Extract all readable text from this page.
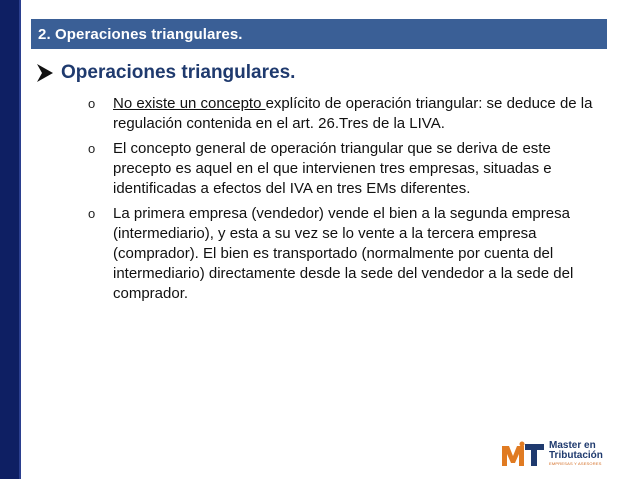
2. Operaciones triangulares.
Operaciones triangulares.
o No existe un concepto explícito de operación triangular: se deduce de la regulación contenida en el art. 26.Tres de la LIVA.
o El concepto general de operación triangular que se deriva de este precepto es aquel en el que intervienen tres empresas, situadas e identificadas a efectos del IVA en tres EMs diferentes.
o La primera empresa (vendedor) vende el bien a la segunda empresa (intermediario), y esta a su vez se lo vente a la tercera empresa (comprador). El bien es transportado (normalmente por cuenta del intermediario) directamente desde la sede del vendedor a la sede del comprador.
Master en
Tributación
EMPRESAS Y ASESORES
